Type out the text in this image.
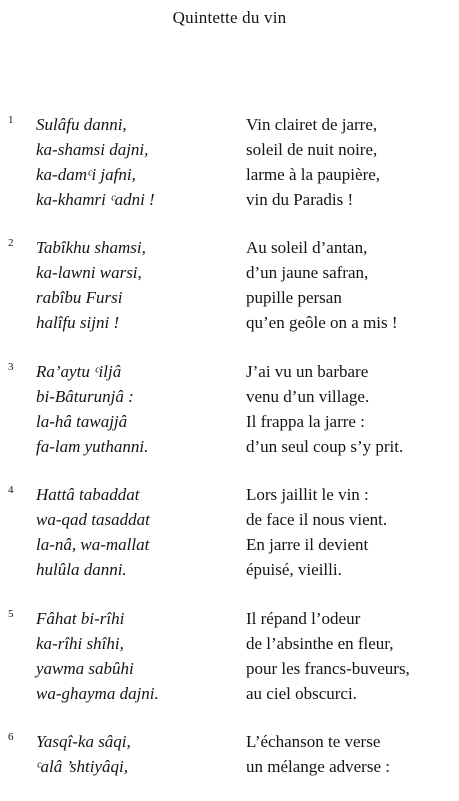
Quintette du vin
1 Sulâfu danni,
ka-shamsi dajni,
ka-damᶜi jafni,
ka-khamri ᶜadni !
Vin clairet de jarre,
soleil de nuit noire,
larme à la paupière,
vin du Paradis !
2 Tabîkhu shamsi,
ka-lawni warsi,
rabîbu Fursi
halîfu sijni !
Au soleil d’antan,
d’un jaune safran,
pupille persan
qu’en geôle on a mis !
3 Ra’aytu ᶜiljâ
bi-Bâturunjâ :
la-hâ tawajjâ
fa-lam yuthanni.
J’ai vu un barbare
venu d’un village.
Il frappa la jarre :
d’un seul coup s’y prit.
4 Hattâ tabaddat
wa-qad tasaddat
la-nâ, wa-mallat
hulûla danni.
Lors jaillit le vin :
de face il nous vient.
En jarre il devient
épuisé, vieilli.
5 Fâhat bi-rîhi
ka-rîhi shîhi,
yawma sabûhi
wa-ghayma dajni.
Il répand l’odeur
de l’absinthe en fleur,
pour les francs-buveurs,
au ciel obscurci.
6 Yasqî-ka sâqi,
ᶜalâ ’shtiyâqi,
L’échanson te verse
un mélange adverse :
